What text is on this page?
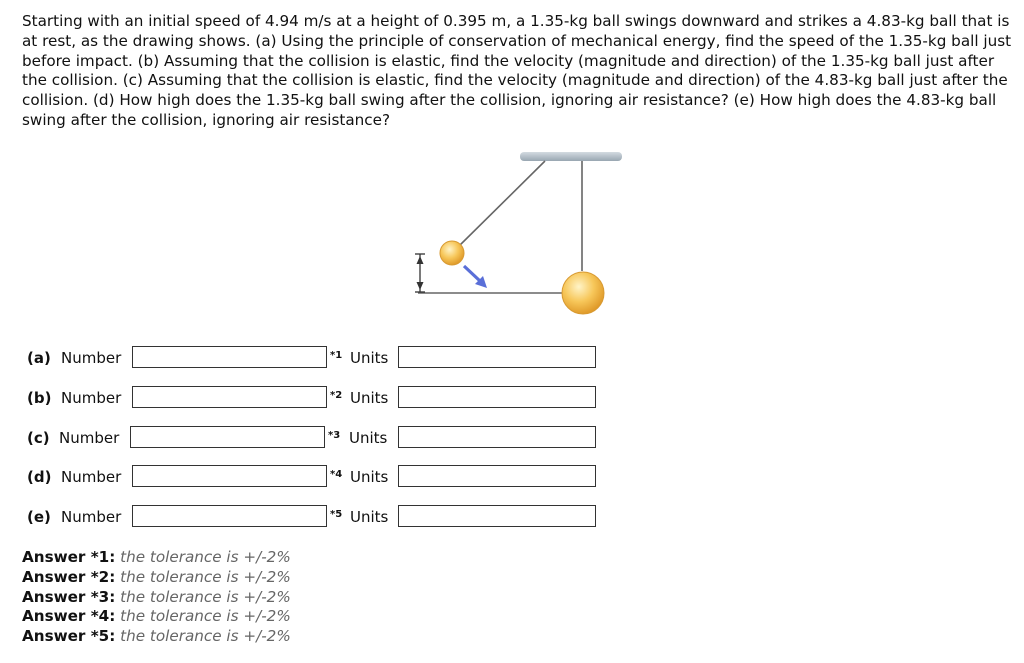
Starting with an initial speed of 4.94 m/s at a height of 0.395 m, a 1.35-kg ball swings downward and strikes a 4.83-kg ball that is at rest, as the drawing shows. (a) Using the principle of conservation of mechanical energy, find the speed of the 1.35-kg ball just before impact. (b) Assuming that the collision is elastic, find the velocity (magnitude and direction) of the 1.35-kg ball just after the collision. (c) Assuming that the collision is elastic, find the velocity (magnitude and direction) of the 4.83-kg ball just after the collision. (d) How high does the 1.35-kg ball swing after the collision, ignoring air resistance? (e) How high does the 4.83-kg ball swing after the collision, ignoring air resistance?
(a) Number	*1 Units
(b) Number	*2 Units
(c) Number	*3 Units
(d) Number	*4 Units
(e) Number	*5 Units
Answer *1: the tolerance is +/-2%
Answer *2: the tolerance is +/-2%
Answer *3: the tolerance is +/-2%
Answer *4: the tolerance is +/-2%
Answer *5: the tolerance is +/-2%
